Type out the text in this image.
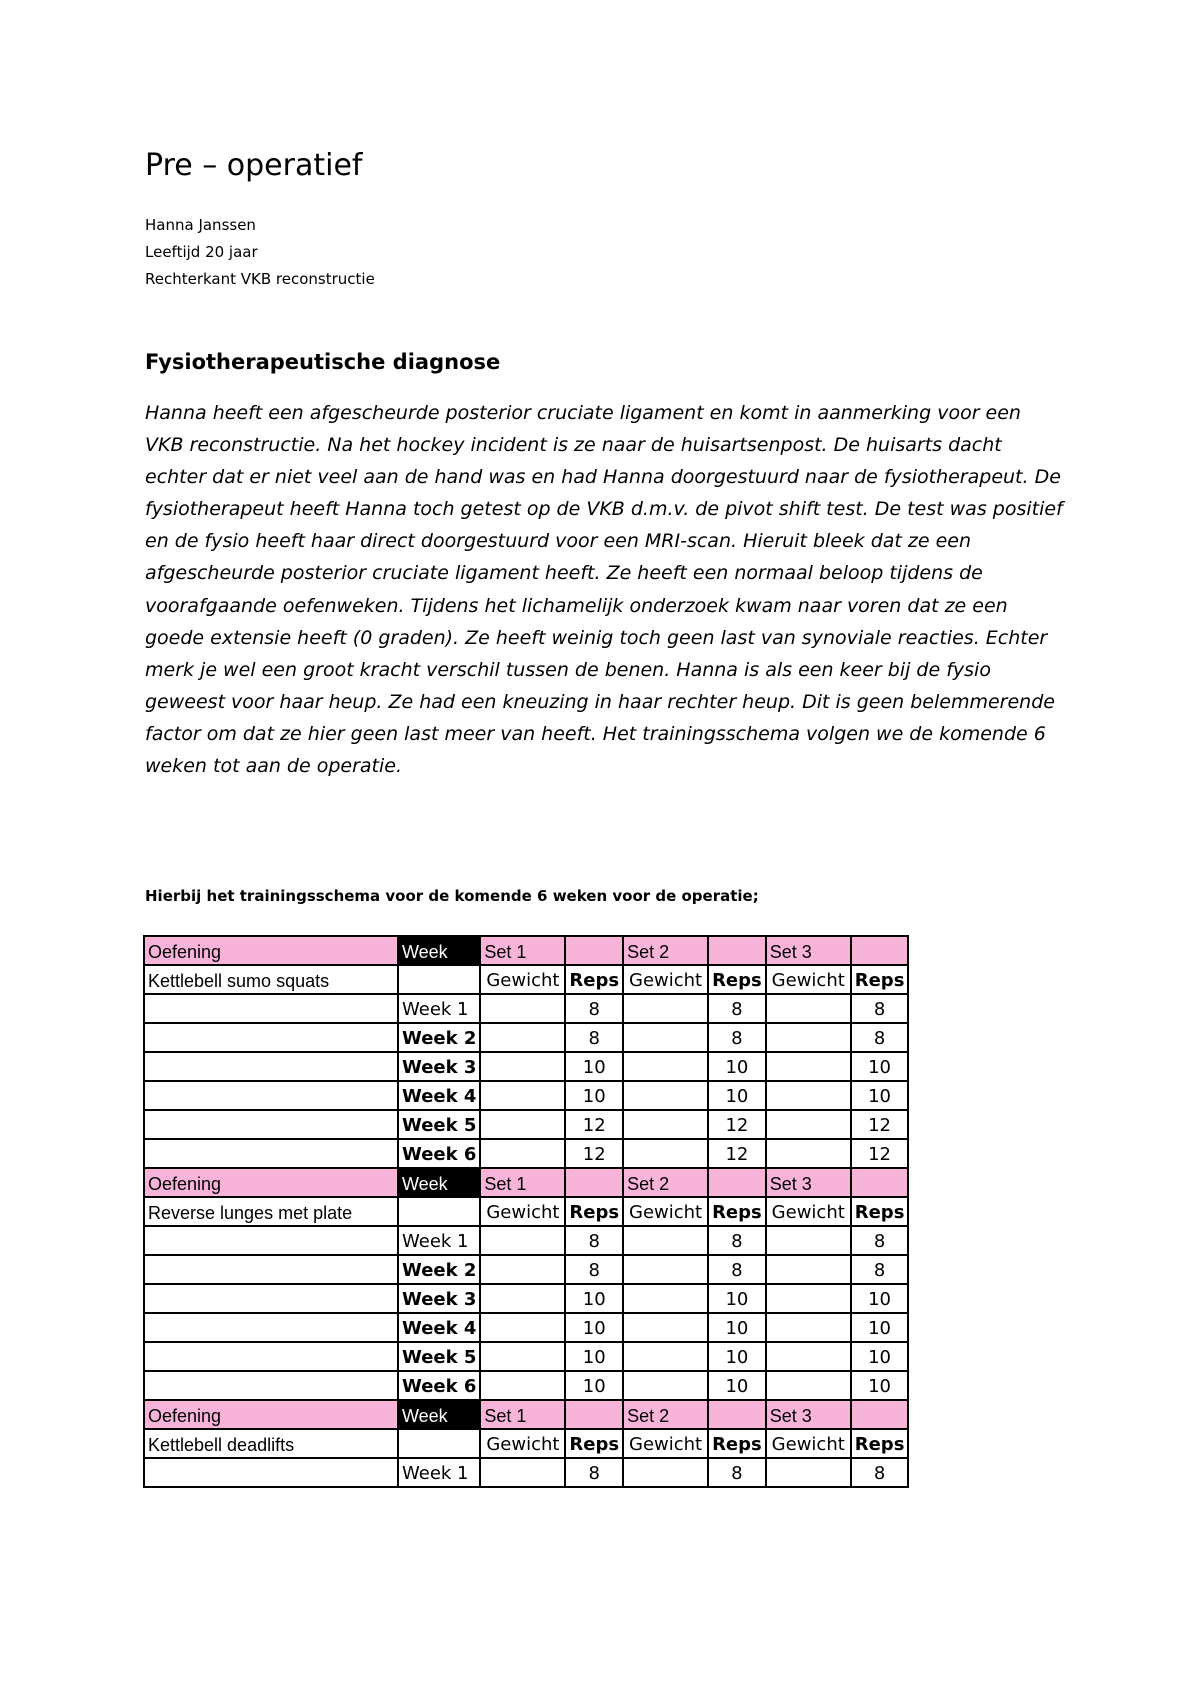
Pre – operatief
Hanna Janssen
Leeftijd 20 jaar
Rechterkant VKB reconstructie
Fysiotherapeutische diagnose

Hanna heeft een afgescheurde posterior cruciate ligament en komt in aanmerking voor een VKB reconstructie. Na het hockey incident is ze naar de huisartsenpost. De huisarts dacht echter dat er niet veel aan de hand was en had Hanna doorgestuurd naar de fysiotherapeut. De fysiotherapeut heeft Hanna toch getest op de VKB d.m.v. de pivot shift test. De test was positief en de fysio heeft haar direct doorgestuurd voor een MRI-scan. Hieruit bleek dat ze een afgescheurde posterior cruciate ligament heeft. Ze heeft een normaal beloop tijdens de voorafgaande oefenweken. Tijdens het lichamelijk onderzoek kwam naar voren dat ze een goede extensie heeft (0 graden). Ze heeft weinig toch geen last van synoviale reacties. Echter merk je wel een groot kracht verschil tussen de benen. Hanna is als een keer bij de fysio geweest voor haar heup. Ze had een kneuzing in haar rechter heup. Dit is geen belemmerende factor om dat ze hier geen last meer van heeft. Het trainingsschema volgen we de komende 6 weken tot aan de operatie.

Hierbij het trainingsschema voor de komende 6 weken voor de operatie;

Oefening	Week	Set 1		Set 2		Set 3	
Kettlebell sumo squats		Gewicht	Reps	Gewicht	Reps	Gewicht	Reps
	Week 1		8		8		8
	Week 2		8		8		8
	Week 3		10		10		10
	Week 4		10		10		10
	Week 5		12		12		12
	Week 6		12		12		12
Oefening	Week	Set 1		Set 2		Set 3	
Reverse lunges met plate		Gewicht	Reps	Gewicht	Reps	Gewicht	Reps
	Week 1		8		8		8
	Week 2		8		8		8
	Week 3		10		10		10
	Week 4		10		10		10
	Week 5		10		10		10
	Week 6		10		10		10
Oefening	Week	Set 1		Set 2		Set 3	
Kettlebell deadlifts		Gewicht	Reps	Gewicht	Reps	Gewicht	Reps
	Week 1		8		8		8
